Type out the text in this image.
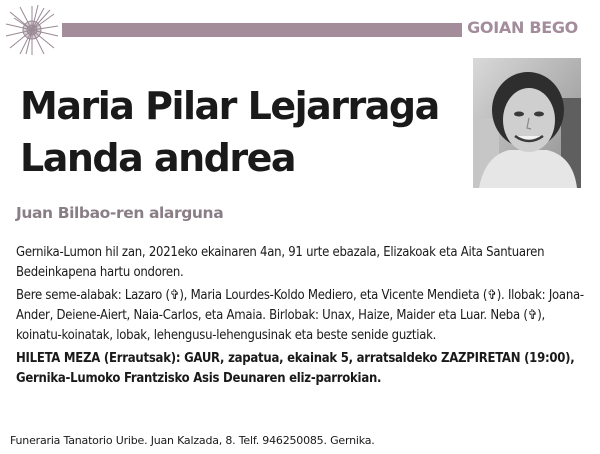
GOIAN BEGO
Maria Pilar Lejarraga
Landa andrea
Juan Bilbao-ren alarguna

Gernika-Lumon hil zan, 2021eko ekainaren 4an, 91 urte ebazala, Elizakoak eta Aita Santuaren Bedeinkapena hartu ondoren.

Bere seme-alabak: Lazaro (✞), Maria Lourdes-Koldo Mediero, eta Vicente Mendieta (✞). Ilobak: Joana-Ander, Deiene-Aiert, Naia-Carlos, eta Amaia. Birlobak: Unax, Haize, Maider eta Luar. Neba (✞), koinatu-koinatak, lobak, lehengusu-lehengusinak eta beste senide guztiak.

HILETA MEZA (Errautsak): GAUR, zapatua, ekainak 5, arratsaldeko ZAZPIRETAN (19:00), Gernika-Lumoko Frantzisko Asis Deunaren eliz-parrokian.

Funeraria Tanatorio Uribe. Juan Kalzada, 8. Telf. 946250085. Gernika.
